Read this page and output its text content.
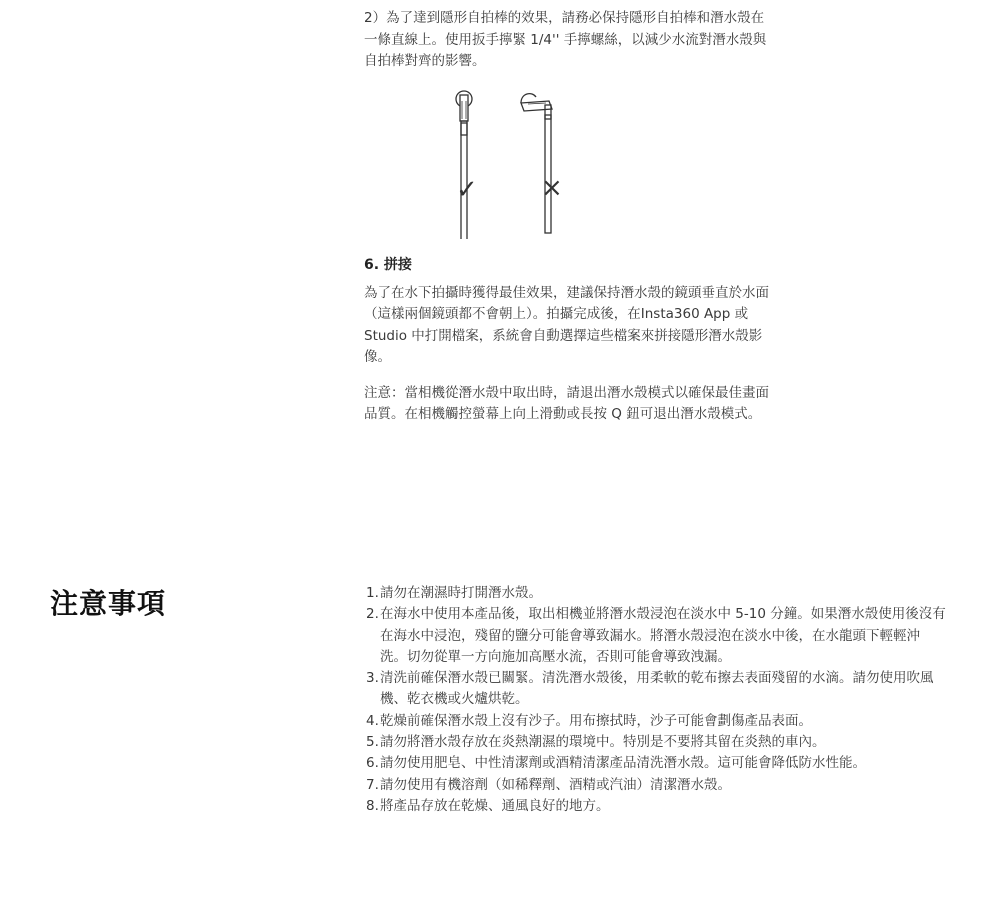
2）為了達到隱形自拍棒的效果，請務必保持隱形自拍棒和潛水殼在一條直線上。使用扳手擰緊 1/4'' 手擰螺絲，以減少水流對潛水殼與自拍棒對齊的影響。

✓ ×
6. 拼接

為了在水下拍攝時獲得最佳效果，建議保持潛水殼的鏡頭垂直於水面（這樣兩個鏡頭都不會朝上）。拍攝完成後，在Insta360 App 或 Studio 中打開檔案，系統會自動選擇這些檔案來拼接隱形潛水殼影像。

注意：當相機從潛水殼中取出時，請退出潛水殼模式以確保最佳畫面品質。在相機觸控螢幕上向上滑動或長按 Q 鈕可退出潛水殼模式。

注意事項	1. 請勿在潮濕時打開潛水殼。
2. 在海水中使用本產品後，取出相機並將潛水殼浸泡在淡水中 5-10 分鐘。如果潛水殼使用後沒有在海水中浸泡，殘留的鹽分可能會導致漏水。將潛水殼浸泡在淡水中後，在水龍頭下輕輕沖洗。切勿從單一方向施加高壓水流，否則可能會導致洩漏。
3. 清洗前確保潛水殼已關緊。清洗潛水殼後，用柔軟的乾布擦去表面殘留的水滴。請勿使用吹風機、乾衣機或火爐烘乾。
4. 乾燥前確保潛水殼上沒有沙子。用布擦拭時，沙子可能會劃傷產品表面。
5. 請勿將潛水殼存放在炎熱潮濕的環境中。特別是不要將其留在炎熱的車內。
6. 請勿使用肥皂、中性清潔劑或酒精清潔產品清洗潛水殼。這可能會降低防水性能。
7. 請勿使用有機溶劑（如稀釋劑、酒精或汽油）清潔潛水殼。
8. 將產品存放在乾燥、通風良好的地方。
